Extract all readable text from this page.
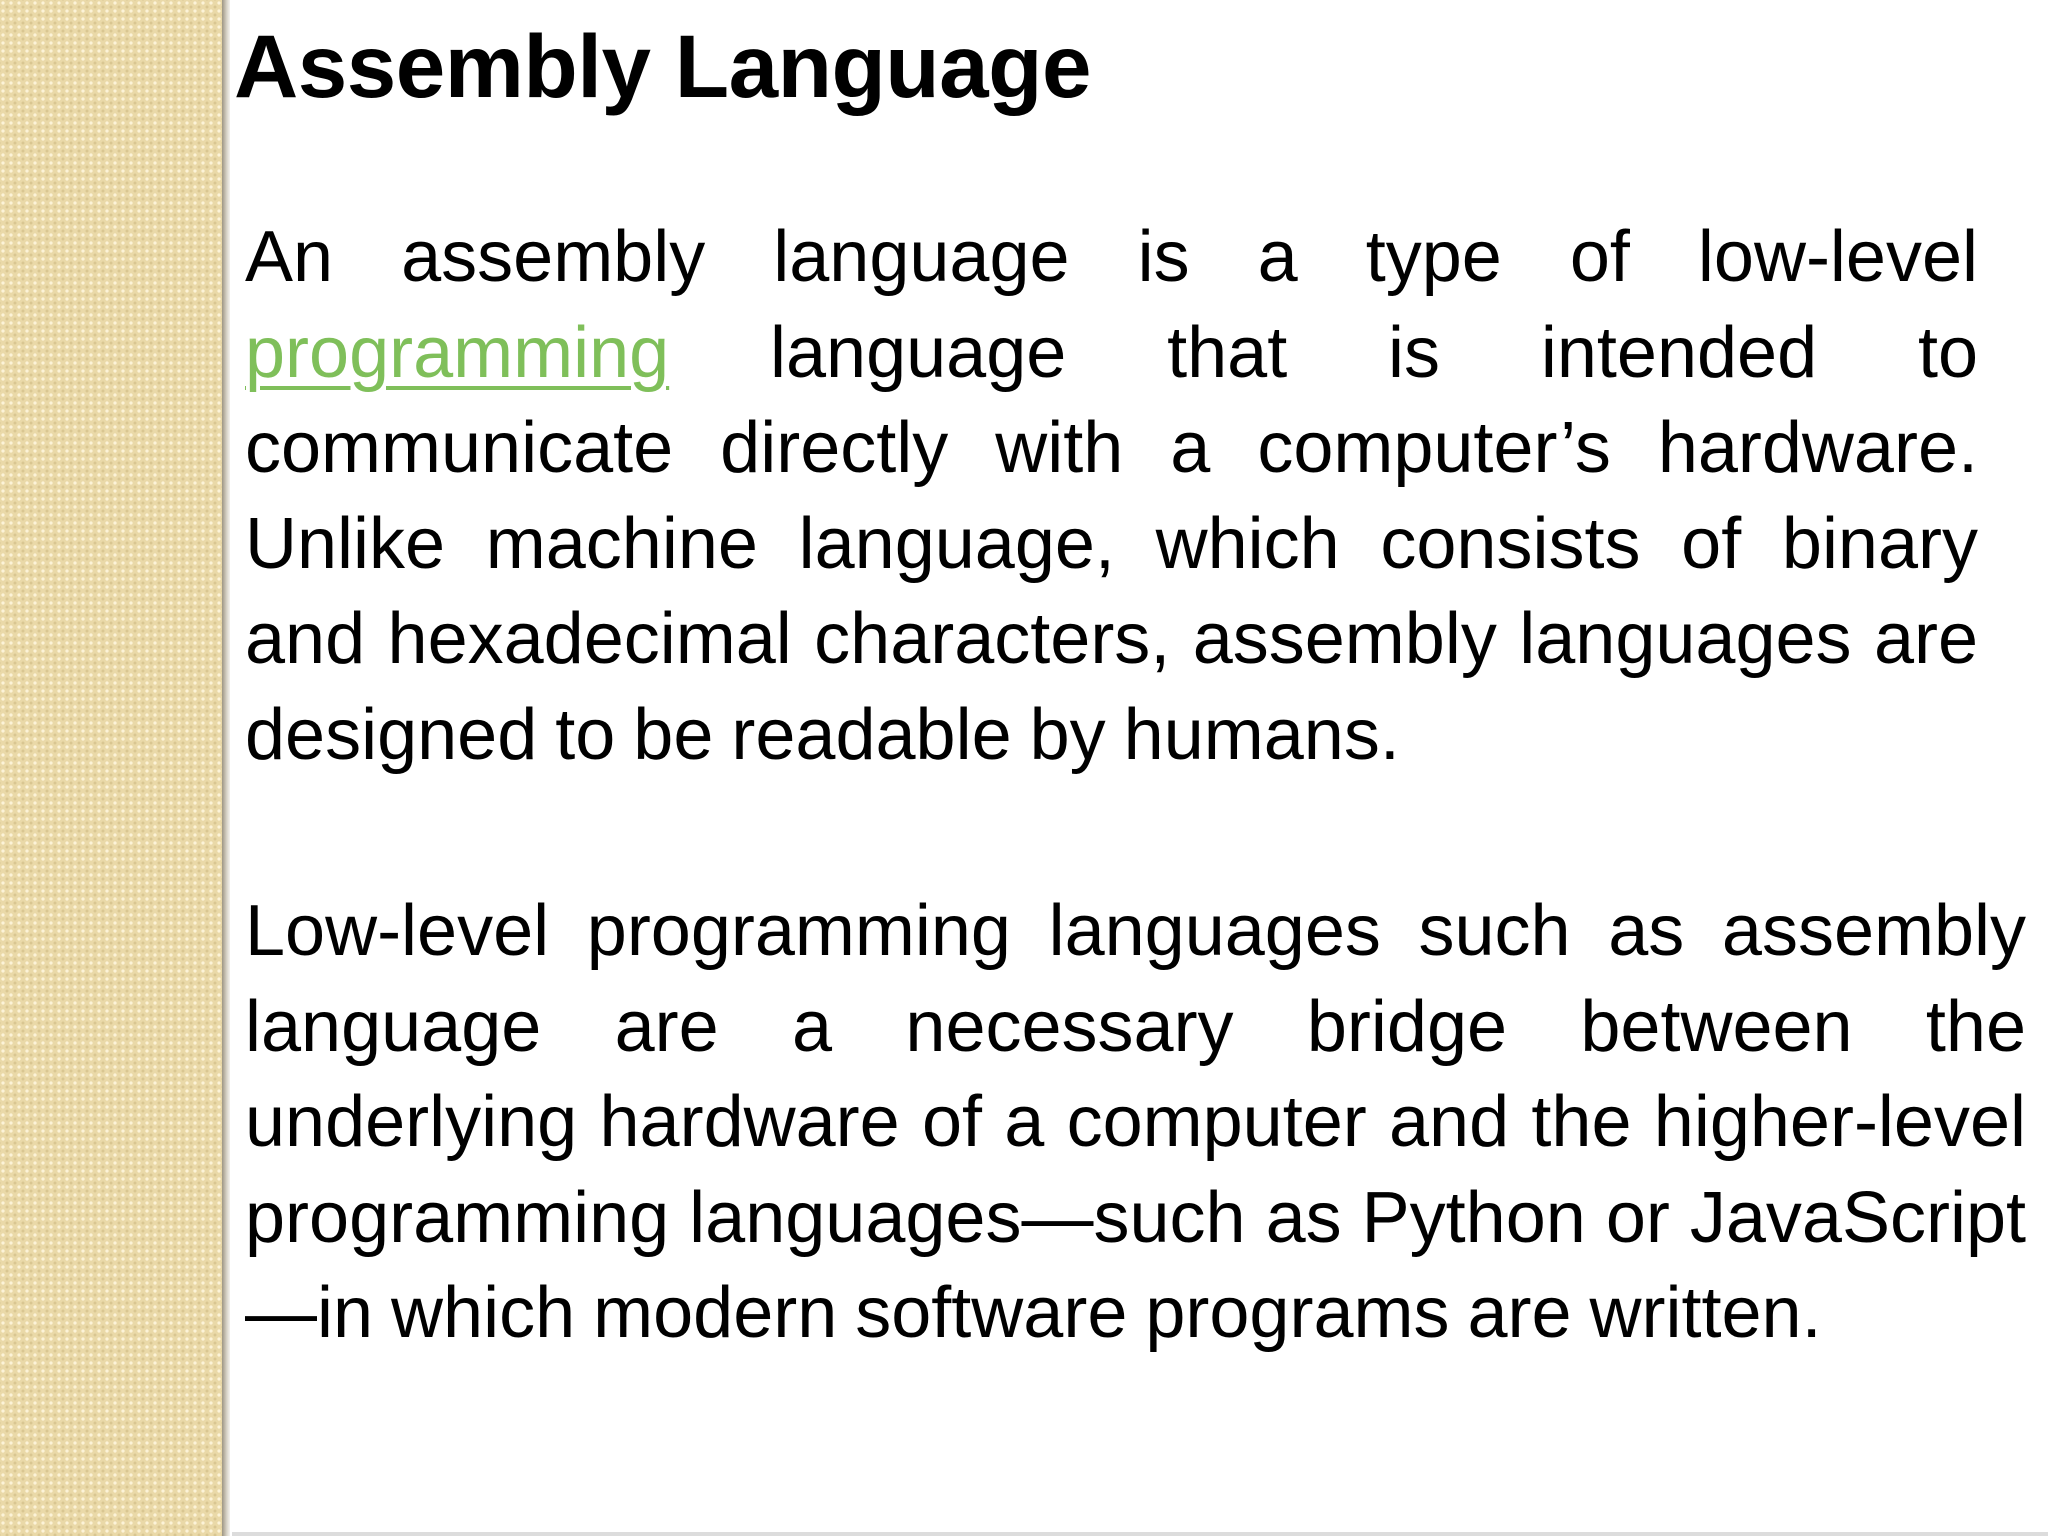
Assembly Language

An assembly language is a type of low-level programming language that is intended to communicate directly with a computer’s hardware. Unlike machine language, which consists of binary and hexadecimal characters, assembly languages are designed to be readable by humans.

Low-level programming languages such as assembly language are a necessary bridge between the underlying hardware of a computer and the higher-level programming languages—such as Python or JavaScript—in which modern software programs are written.
